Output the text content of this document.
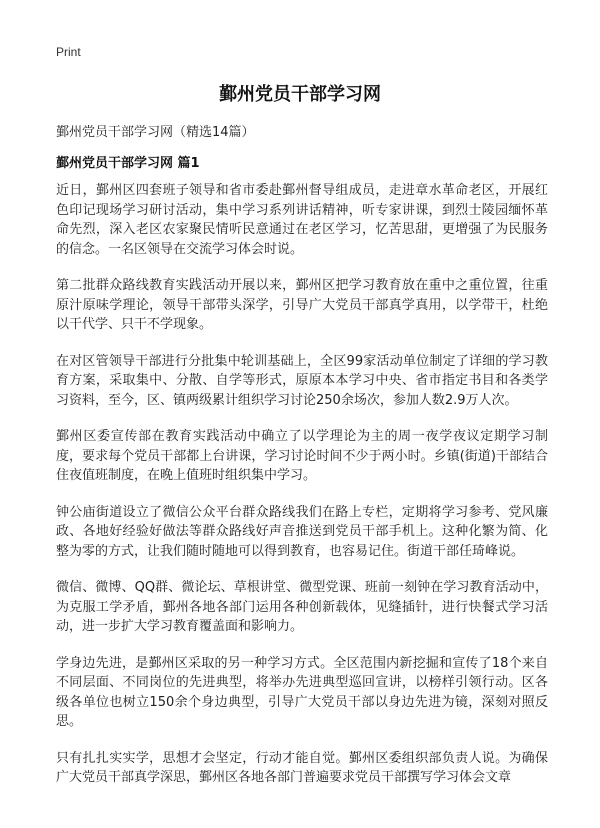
Print
鄞州党员干部学习网
鄞州党员干部学习网（精选14篇）
鄞州党员干部学习网 篇1

近日，鄞州区四套班子领导和省市委赴鄞州督导组成员，走进章水革命老区，开展红色印记现场学习研讨活动，集中学习系列讲话精神，听专家讲课，到烈士陵园缅怀革命先烈，深入老区农家聚民情听民意通过在老区学习，忆苦思甜，更增强了为民服务的信念。一名区领导在交流学习体会时说。

第二批群众路线教育实践活动开展以来，鄞州区把学习教育放在重中之重位置，往重原汁原味学理论，领导干部带头深学，引导广大党员干部真学真用，以学带干，杜绝以干代学、只干不学现象。

在对区管领导干部进行分批集中轮训基础上，全区99家活动单位制定了详细的学习教育方案，采取集中、分散、自学等形式，原原本本学习中央、省市指定书目和各类学习资料，至今，区、镇两级累计组织学习讨论250余场次，参加人数2.9万人次。

鄞州区委宣传部在教育实践活动中确立了以学理论为主的周一夜学夜议定期学习制度，要求每个党员干部都上台讲课，学习讨论时间不少于两小时。乡镇(街道)干部结合住夜值班制度，在晚上值班时组织集中学习。

钟公庙街道设立了微信公众平台群众路线我们在路上专栏，定期将学习参考、党风廉政、各地好经验好做法等群众路线好声音推送到党员干部手机上。这种化繁为简、化整为零的方式，让我们随时随地可以得到教育，也容易记住。街道干部任琦峰说。

微信、微博、QQ群、微论坛、草根讲堂、微型党课、班前一刻钟在学习教育活动中，为克服工学矛盾，鄞州各地各部门运用各种创新载体，见缝插针，进行快餐式学习活动，进一步扩大学习教育覆盖面和影响力。

学身边先进，是鄞州区采取的另一种学习方式。全区范围内新挖掘和宣传了18个来自不同层面、不同岗位的先进典型，将举办先进典型巡回宣讲，以榜样引领行动。区各级各单位也树立150余个身边典型，引导广大党员干部以身边先进为镜，深刻对照反思。

只有扎扎实实学，思想才会坚定，行动才能自觉。鄞州区委组织部负责人说。为确保广大党员干部真学深思，鄞州区各地各部门普遍要求党员干部撰写学习体会文章
